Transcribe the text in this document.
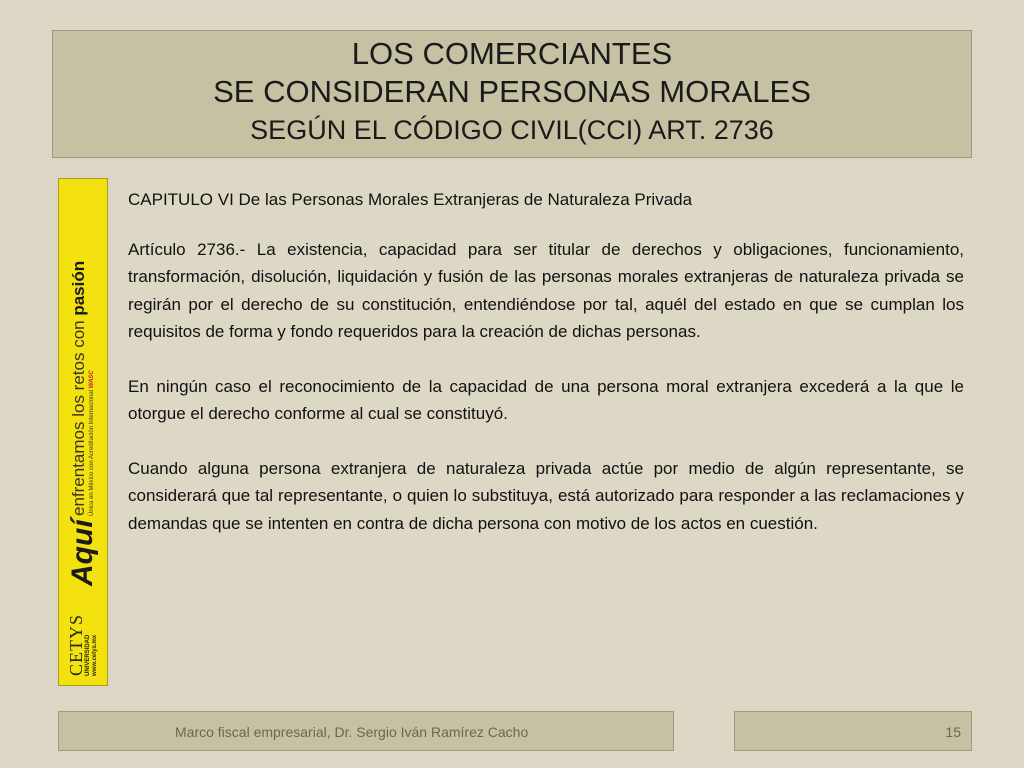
LOS COMERCIANTES
SE CONSIDERAN PERSONAS MORALES
SEGÚN EL CÓDIGO CIVIL(CCI) ART. 2736
CETYS UNIVERSIDAD www.cetys.mx
Aquí
enfrentamos los retos con pasión
Única en México con Acreditación Internacional WASC

CAPITULO VI De las Personas Morales Extranjeras de Naturaleza Privada

Artículo 2736.- La existencia, capacidad para ser titular de derechos y obligaciones, funcionamiento, transformación, disolución, liquidación y fusión de las personas morales extranjeras de naturaleza privada se regirán por el derecho de su constitución, entendiéndose por tal, aquél del estado en que se cumplan los requisitos de forma y fondo requeridos para la creación de dichas personas.

En ningún caso el reconocimiento de la capacidad de una persona moral extranjera excederá a la que le otorgue el derecho conforme al cual se constituyó.

Cuando alguna persona extranjera de naturaleza privada actúe por medio de algún representante, se considerará que tal representante, o quien lo substituya, está autorizado para responder a las reclamaciones y demandas que se intenten en contra de dicha persona con motivo de los actos en cuestión.

Marco fiscal empresarial, Dr. Sergio Iván Ramírez Cacho	15
